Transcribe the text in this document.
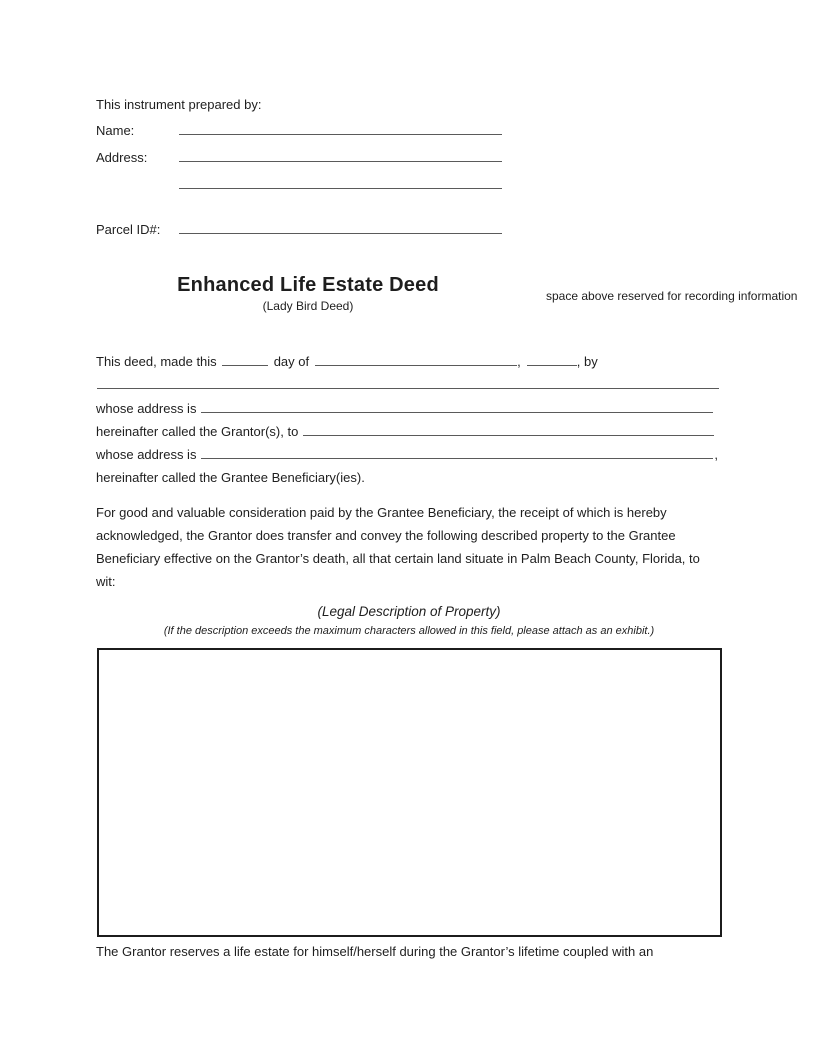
This instrument prepared by:
Name:
Address:

Parcel ID#:
Enhanced Life Estate Deed
(Lady Bird Deed)
space above reserved for recording information
This deed, made this	day of	,	, by
whose address is
hereinafter called the Grantor(s), to
whose address is	,
hereinafter called the Grantee Beneficiary(ies).
For good and valuable consideration paid by the Grantee Beneficiary, the receipt of which is hereby
acknowledged, the Grantor does transfer and convey the following described property to the Grantee
Beneficiary effective on the Grantor’s death, all that certain land situate in Palm Beach County, Florida, to
wit:
(Legal Description of Property)
(If the description exceeds the maximum characters allowed in this field, please attach as an exhibit.)
The Grantor reserves a life estate for himself/herself during the Grantor’s lifetime coupled with an
